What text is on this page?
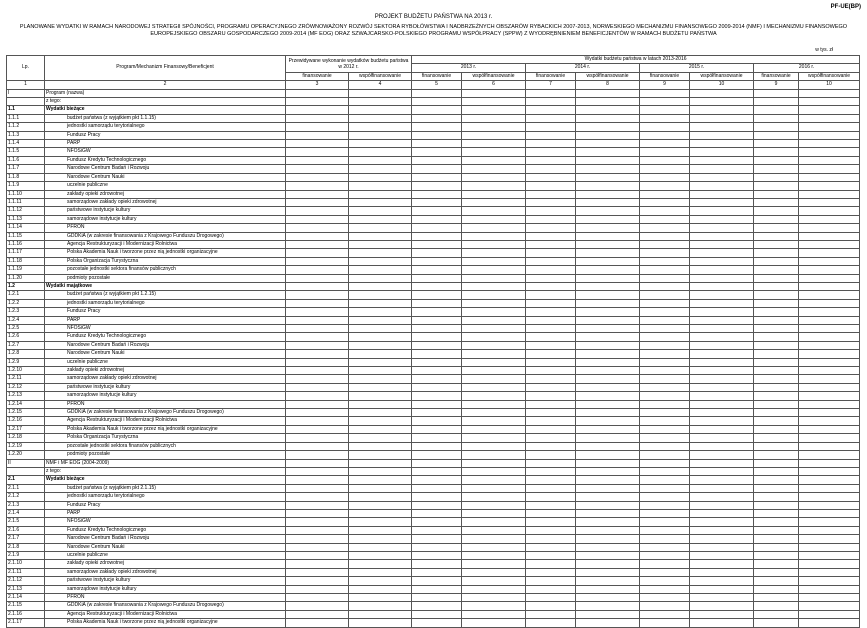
PF-UE(BP)
PROJEKT BUDŻETU PAŃSTWA NA 2013 r.
PLANOWANE WYDATKI W RAMACH NARODOWEJ STRATEGII SPÓJNOŚCI, PROGRAMU OPERACYJNEGO ZRÓWNOWAŻONY ROZWÓJ SEKTORA RYBOŁÓWSTWA I NADBRZEŻNYCH OBSZARÓW RYBACKICH 2007-2013, NORWESKIEGO MECHANIZMU FINANSOWEGO 2009-2014 (NMF) I MECHANIZMU FINANSOWEGO EUROPEJSKIEGO OBSZARU GOSPODARCZEGO 2009-2014 (MF EOG) ORAZ SZWAJCARSKO-POLSKIEGO PROGRAMU WSPÓŁPRACY (SPPW) Z WYODRĘBNIENIEM BENEFICJENTÓW W RAMACH BUDŻETU PAŃSTWA
w tys. zł
Lp.	Program/Mechanizm Finansowy/Beneficjent	Przewidywane wykonanie wydatków budżetu państwa w 2012 r.		Wydatki budżetu państwa w latach 2013-2016							
				2013 r.		2014 r.		2015 r.		2016 r.	
		finansowanie	współfinansowanie	finansowanie	współfinansowanie	finansowanie	współfinansowanie	finansowanie	współfinansowanie	finansowanie	współfinansowanie
1	2	3	4	5	6	7	8	9	10	9	10
I	Program (nazwa)										
	z tego:										
1.1	Wydatki bieżące										
1.1.1	budżet państwa (z wyjątkiem pkt 1.1.15)										
1.1.2	jednostki samorządu terytorialnego										
1.1.3	Fundusz Pracy										
1.1.4	PARP										
1.1.5	NFOŚiGW										
1.1.6	Fundusz Kredytu Technologicznego										
1.1.7	Narodowe Centrum Badań i Rozwoju										
1.1.8	Narodowe Centrum Nauki										
1.1.9	uczelnie publiczne										
1.1.10	zakłady opieki zdrowotnej										
1.1.11	samorządowe zakłady opieki zdrowotnej										
1.1.12	państwowe instytucje kultury										
1.1.13	samorządowe instytucje kultury										
1.1.14	PFRON										
1.1.15	GDDKiA (w zakresie finansowania z Krajowego Funduszu Drogowego)										
1.1.16	Agencja Restrukturyzacji i Modernizacji Rolnictwa										
1.1.17	Polska Akademia Nauk i tworzone przez nią jednostki organizacyjne										
1.1.18	Polska Organizacja Turystyczna										
1.1.19	pozostałe jednostki sektora finansów publicznych										
1.1.20	podmioty pozostałe										
1.2	Wydatki majątkowe										
1.2.1	budżet państwa (z wyjątkiem pkt 1.2.15)										
1.2.2	jednostki samorządu terytorialnego										
1.2.3	Fundusz Pracy										
1.2.4	PARP										
1.2.5	NFOŚiGW										
1.2.6	Fundusz Kredytu Technologicznego										
1.2.7	Narodowe Centrum Badań i Rozwoju										
1.2.8	Narodowe Centrum Nauki										
1.2.9	uczelnie publiczne										
1.2.10	zakłady opieki zdrowotnej										
1.2.11	samorządowe zakłady opieki zdrowotnej										
1.2.12	państwowe instytucje kultury										
1.2.13	samorządowe instytucje kultury										
1.2.14	PFRON										
1.2.15	GDDKiA (w zakresie finansowania z Krajowego Funduszu Drogowego)										
1.2.16	Agencja Restrukturyzacji i Modernizacji Rolnictwa										
1.2.17	Polska Akademia Nauk i tworzone przez nią jednostki organizacyjne										
1.2.18	Polska Organizacja Turystyczna										
1.2.19	pozostałe jednostki sektora finansów publicznych										
1.2.20	podmioty pozostałe										
II	NMF i MF EOG (2004-2009)										
	z tego:										
2.1	Wydatki bieżące										
2.1.1	budżet państwa (z wyjątkiem pkt 2.1.15)										
2.1.2	jednostki samorządu terytorialnego										
2.1.3	Fundusz Pracy										
2.1.4	PARP										
2.1.5	NFOŚiGW										
2.1.6	Fundusz Kredytu Technologicznego										
2.1.7	Narodowe Centrum Badań i Rozwoju										
2.1.8	Narodowe Centrum Nauki										
2.1.9	uczelnie publiczne										
2.1.10	zakłady opieki zdrowotnej										
2.1.11	samorządowe zakłady opieki zdrowotnej										
2.1.12	państwowe instytucje kultury										
2.1.13	samorządowe instytucje kultury										
2.1.14	PFRON										
2.1.15	GDDKiA (w zakresie finansowania z Krajowego Funduszu Drogowego)										
2.1.16	Agencja Restrukturyzacji i Modernizacji Rolnictwa										
2.1.17	Polska Akademia Nauk i tworzone przez nią jednostki organizacyjne										
